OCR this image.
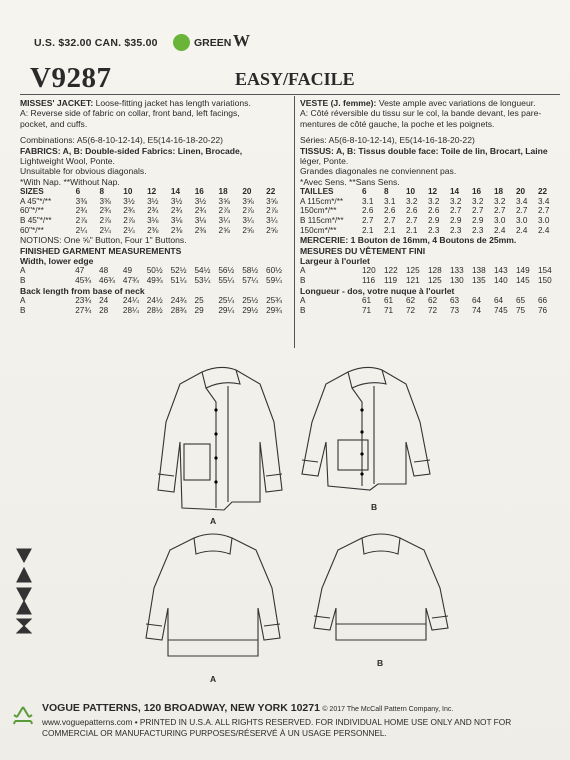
U.S. $32.00 CAN. $35.00	GREEN W
V9287	EASY/FACILE
MISSES' JACKET: Loose-fitting jacket has length variations.
A: Reverse side of fabric on collar, front band, left facings,
pocket, and cuffs.
Combinations: A5(6-8-10-12-14), E5(14-16-18-20-22)
FABRICS: A, B: Double-sided Fabrics: Linen, Brocade,
Lightweight Wool, Ponte.
Unsuitable for obvious diagonals.
*With Nap. **Without Nap.
SIZES	6	8	10	12	14	16	18	20	22
A 45"*/**	3⅜	3⅜	3½	3½	3½	3½	3⅝	3⅝	3⅝
60"*/**	2¾	2¾	2¾	2¾	2¾	2¾	2⅞	2⅞	2⅞
B 45"*/**	2⅞	2⅞	2⅞	3⅛	3⅛	3⅛	3¼	3¼	3¼
60"*/**	2¼	2¼	2¼	2⅜	2⅜	2⅜	2⅝	2⅝	2⅝
NOTIONS: One ⅝" Button, Four 1" Buttons.
FINISHED GARMENT MEASUREMENTS
Width, lower edge
A	47	48	49	50½	52½	54½	56½	58½	60½
B	45¾	46¾	47¾	49¾	51¼	53¼	55¼	57¼	59¼
Back length from base of neck
A	23¾	24	24¼	24½	24¾	25	25¼	25½	25¾
B	27¾	28	28¼	28½	28¾	29	29¼	29½	29¾
VESTE (J. femme): Veste ample avec variations de longueur.
A: Côté réversible du tissu sur le col, la bande devant, les pare-
mentures de côté gauche, la poche et les poignets.
Séries: A5(6-8-10-12-14), E5(14-16-18-20-22)
TISSUS: A, B: Tissus double face: Toile de lin, Brocart, Laine
léger, Ponte.
Grandes diagonales ne conviennent pas.
*Avec Sens. **Sans Sens.
TAILLES	6	8	10	12	14	16	18	20	22
A 115cm*/**	3.1	3.1	3.2	3.2	3.2	3.2	3.2	3.4	3.4
150cm*/**	2.6	2.6	2.6	2.6	2.7	2.7	2.7	2.7	2.7
B 115cm*/**	2.7	2.7	2.7	2.9	2.9	2.9	3.0	3.0	3.0
150cm*/**	2.1	2.1	2.1	2.3	2.3	2.3	2.4	2.4	2.4
MERCERIE: 1 Bouton de 16mm, 4 Boutons de 25mm.
MESURES DU VÊTEMENT FINI
Largeur à l'ourlet
A	120	122	125	128	133	138	143	149	154
B	116	119	121	125	130	135	140	145	150
Longueur - dos, votre nuque à l'ourlet
A	61	61	62	62	63	64	64	65	66
B	71	71	72	72	73	74	745	75	76
A
B
A
B
VOGUE PATTERNS, 120 BROADWAY, NEW YORK 10271 © 2017 The McCall Pattern Company, Inc.
www.voguepatterns.com • PRINTED IN U.S.A. ALL RIGHTS RESERVED. FOR INDIVIDUAL HOME USE ONLY AND NOT FOR
COMMERCIAL OR MANUFACTURING PURPOSES/RÉSERVÉ À UN USAGE PERSONNEL.
